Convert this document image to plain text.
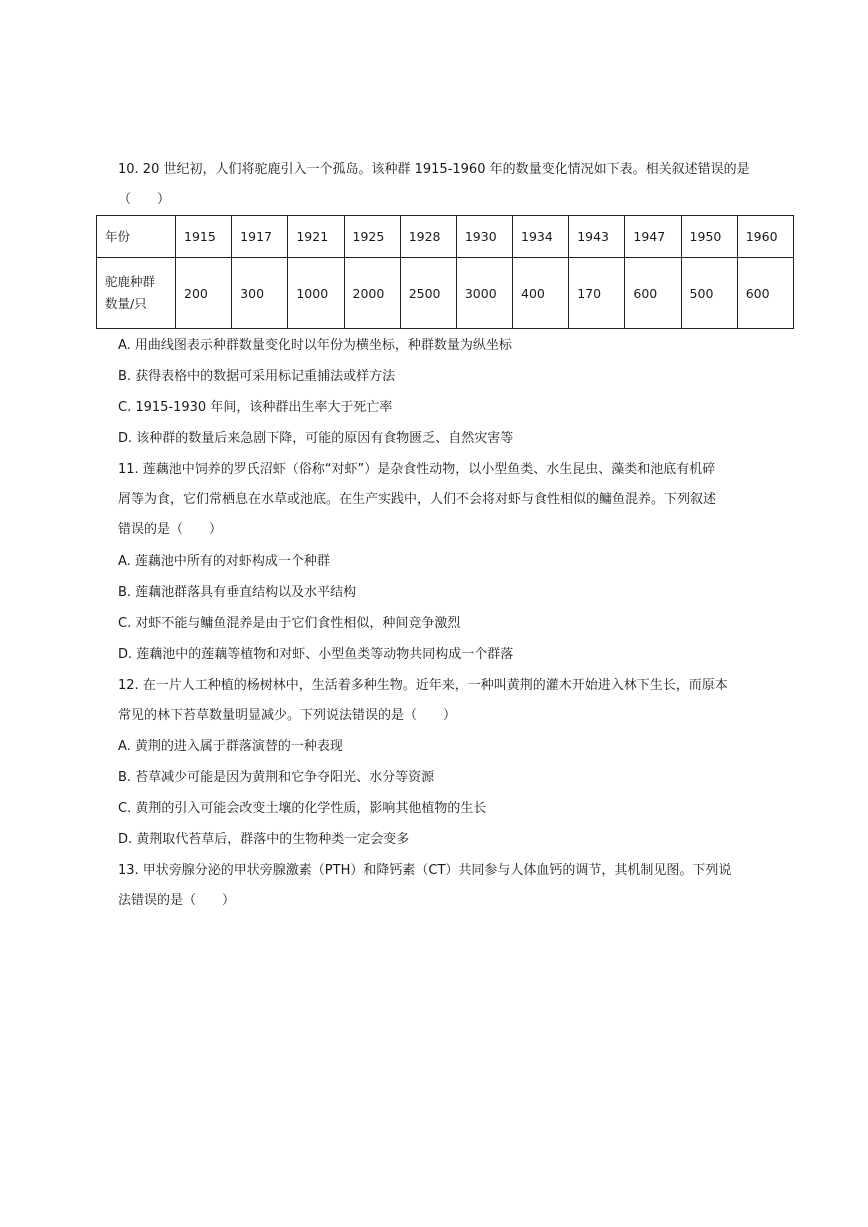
10. 20 世纪初，人们将驼鹿引入一个孤岛。该种群 1915-1960 年的数量变化情况如下表。相关叙述错误的是

（　　）

年份	1915	1917	1921	1925	1928	1930	1934	1943	1947	1950	1960

驼鹿种群
数量/只	200	300	1000	2000	2500	3000	400	170	600	500	600
A. 用曲线图表示种群数量变化时以年份为横坐标，种群数量为纵坐标
B. 获得表格中的数据可采用标记重捕法或样方法
C. 1915-1930 年间，该种群出生率大于死亡率
D. 该种群的数量后来急剧下降，可能的原因有食物匮乏、自然灾害等

11. 莲藕池中饲养的罗氏沼虾（俗称“对虾”）是杂食性动物，以小型鱼类、水生昆虫、藻类和池底有机碎

屑等为食，它们常栖息在水草或池底。在生产实践中，人们不会将对虾与食性相似的鳙鱼混养。下列叙述

错误的是（　　）

A. 莲藕池中所有的对虾构成一个种群
B. 莲藕池群落具有垂直结构以及水平结构
C. 对虾不能与鳙鱼混养是由于它们食性相似，种间竞争激烈
D. 莲藕池中的莲藕等植物和对虾、小型鱼类等动物共同构成一个群落

12. 在一片人工种植的杨树林中，生活着多种生物。近年来，一种叫黄荆的灌木开始进入林下生长，而原本

常见的林下苔草数量明显减少。下列说法错误的是（　　）

A. 黄荆的进入属于群落演替的一种表现
B. 苔草减少可能是因为黄荆和它争夺阳光、水分等资源
C. 黄荆的引入可能会改变土壤的化学性质，影响其他植物的生长
D. 黄荆取代苔草后，群落中的生物种类一定会变多

13. 甲状旁腺分泌的甲状旁腺激素（PTH）和降钙素（CT）共同参与人体血钙的调节，其机制见图。下列说

法错误的是（　　）
